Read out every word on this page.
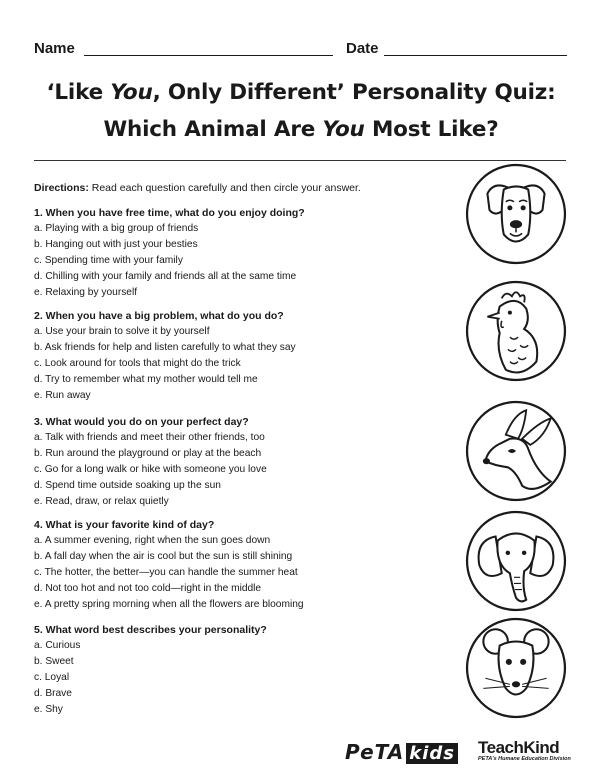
Name	Date
‘Like You, Only Different’ Personality Quiz:
Which Animal Are You Most Like?
Directions: Read each question carefully and then circle your answer.

1. When you have free time, what do you enjoy doing?

a. Playing with a big group of friends

b. Hanging out with just your besties

c. Spending time with your family

d. Chilling with your family and friends all at the same time

e. Relaxing by yourself

2. When you have a big problem, what do you do?

a. Use your brain to solve it by yourself

b. Ask friends for help and listen carefully to what they say

c. Look around for tools that might do the trick

d. Try to remember what my mother would tell me

e. Run away

3. What would you do on your perfect day?

a. Talk with friends and meet their other friends, too

b. Run around the playground or play at the beach

c. Go for a long walk or hike with someone you love

d. Spend time outside soaking up the sun

e. Read, draw, or relax quietly

4. What is your favorite kind of day?

a. A summer evening, right when the sun goes down

b. A fall day when the air is cool but the sun is still shining

c. The hotter, the better—you can handle the summer heat

d. Not too hot and not too cold—right in the middle

e. A pretty spring morning when all the flowers are blooming

5. What word best describes your personality?

a. Curious

b. Sweet

c. Loyal

d. Brave

e. Shy

PeTA kids TeachKind
PETA's Humane Education Division
